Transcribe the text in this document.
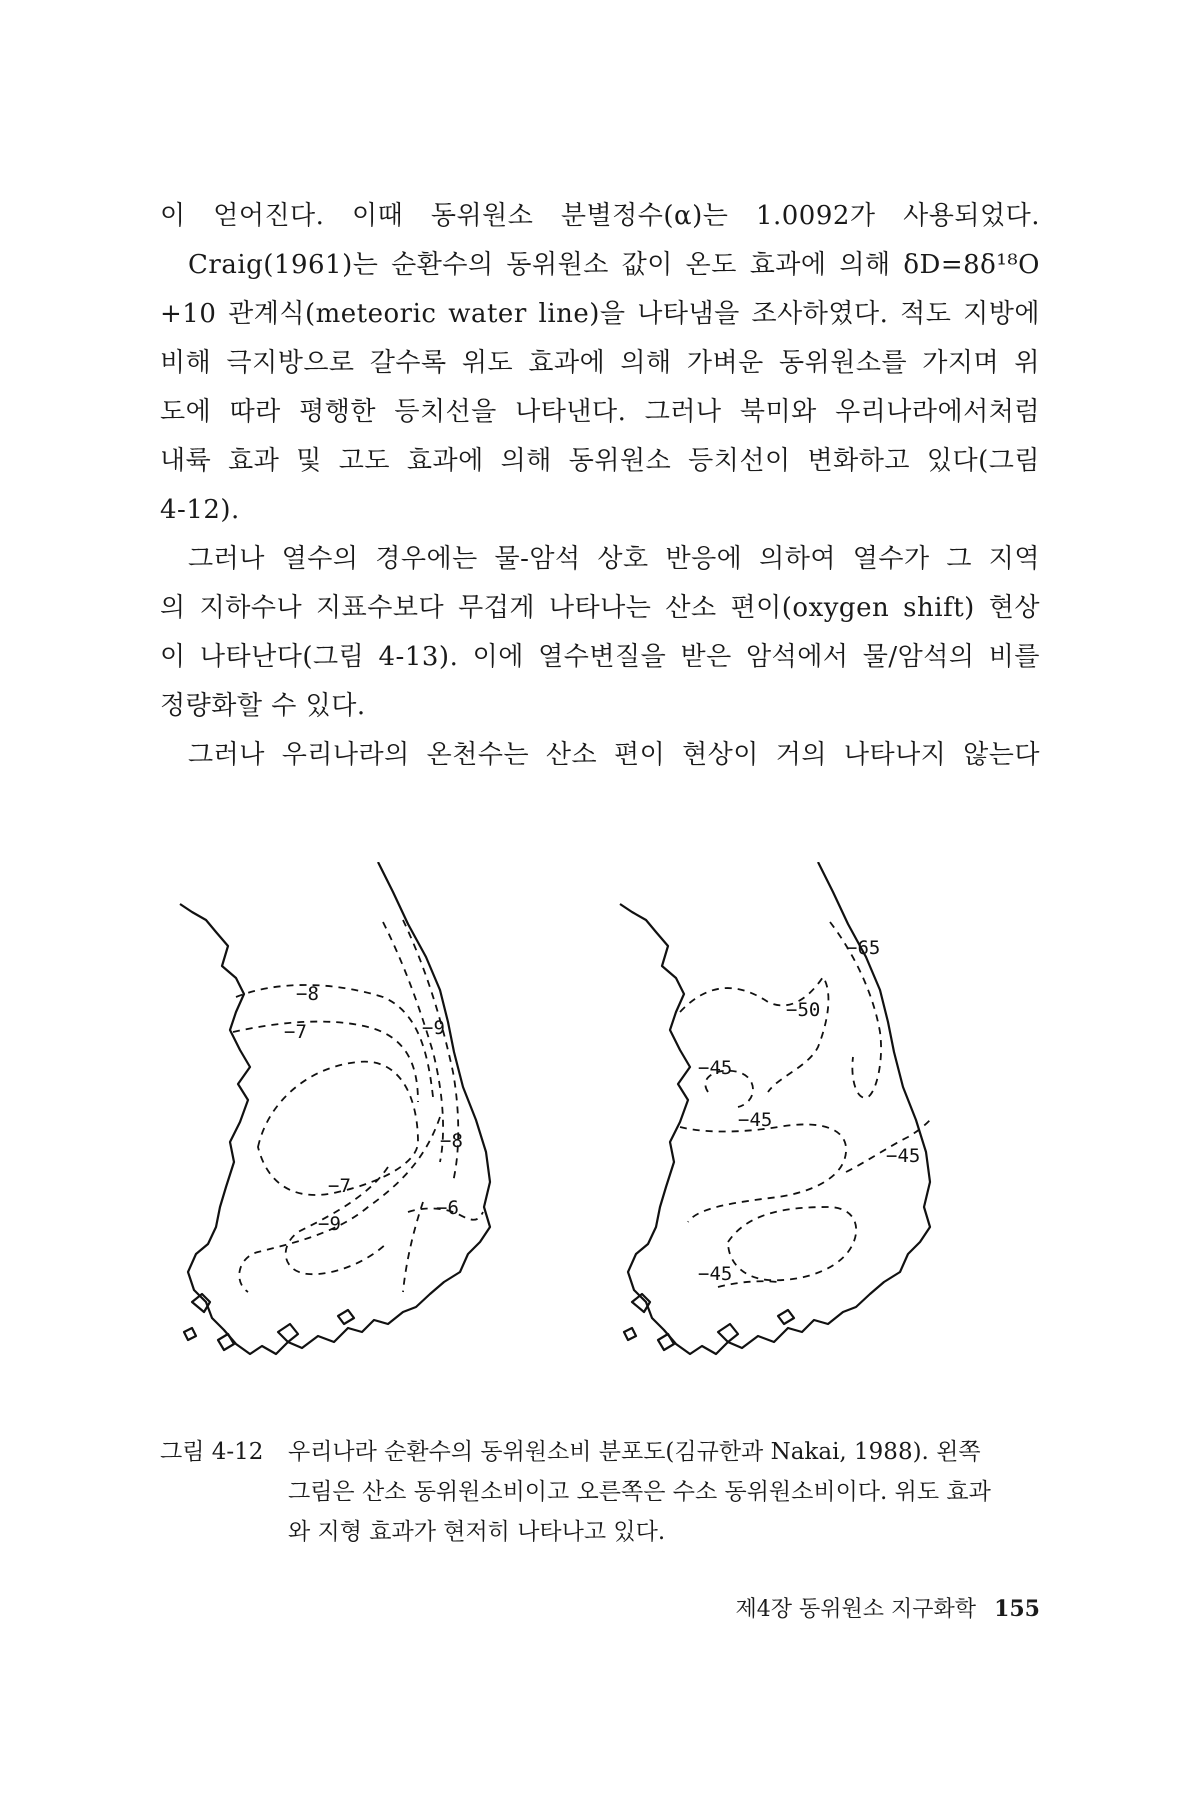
이 얻어진다. 이때 동위원소 분별정수(α)는 1.0092가 사용되었다.
Craig(1961)는 순환수의 동위원소 값이 온도 효과에 의해 δD=8δ¹⁸O
+10 관계식(meteoric water line)을 나타냄을 조사하였다. 적도 지방에
비해 극지방으로 갈수록 위도 효과에 의해 가벼운 동위원소를 가지며 위
도에 따라 평행한 등치선을 나타낸다. 그러나 북미와 우리나라에서처럼
내륙 효과 및 고도 효과에 의해 동위원소 등치선이 변화하고 있다(그림
4-12).
그러나 열수의 경우에는 물-암석 상호 반응에 의하여 열수가 그 지역
의 지하수나 지표수보다 무겁게 나타나는 산소 편이(oxygen shift) 현상
이 나타난다(그림 4-13). 이에 열수변질을 받은 암석에서 물/암석의 비를
정량화할 수 있다.
그러나 우리나라의 온천수는 산소 편이 현상이 거의 나타나지 않는다
−8
−7	−9
−8
−7
−9
−6
−65
−50
−45
−45
−45
−45
그림 4-12	우리나라 순환수의 동위원소비 분포도(김규한과 Nakai, 1988). 왼쪽
그림은 산소 동위원소비이고 오른쪽은 수소 동위원소비이다. 위도 효과
와 지형 효과가 현저히 나타나고 있다.
제4장 동위원소 지구화학 155
